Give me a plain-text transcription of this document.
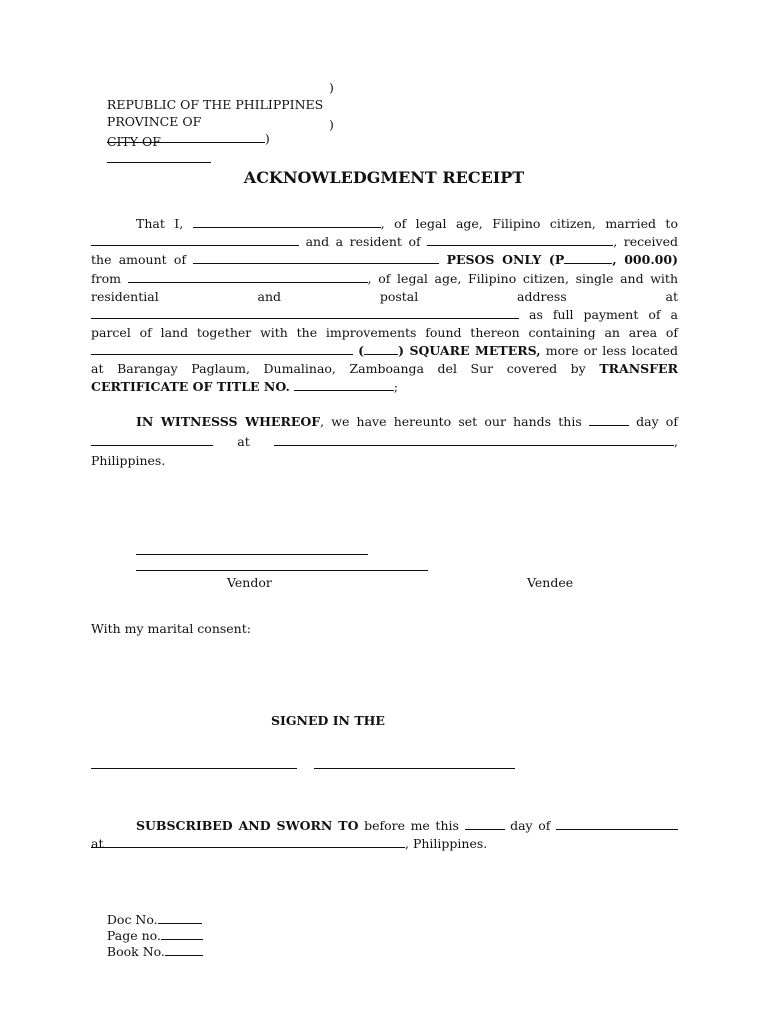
REPUBLIC OF THE PHILIPPINES

)

PROVINCE OF
)

CITY OF

)
ACKNOWLEDGMENT RECEIPT
That I,	, of legal age, Filipino citizen, married to
and a resident of	, received
the amount of	PESOS ONLY (P	, 000.00)
from	, of legal age, Filipino citizen, single and with
residential and postal address at
as full payment of a
parcel of land together with the improvements found thereon containing an area of
(	) SQUARE METERS, more or less located
at Barangay Paglaum, Dumalinao, Zamboanga del Sur covered by TRANSFER
CERTIFICATE OF TITLE NO.	;
IN WITNESSS WHEREOF, we have hereunto set our hands this	day of
at	,
Philippines.
Vendor	Vendee
With my marital consent:
SIGNED IN THE
SUBSCRIBED AND SWORN TO before me this	day of  at	, Philippines.

Doc No.

Page no.

Book No.
